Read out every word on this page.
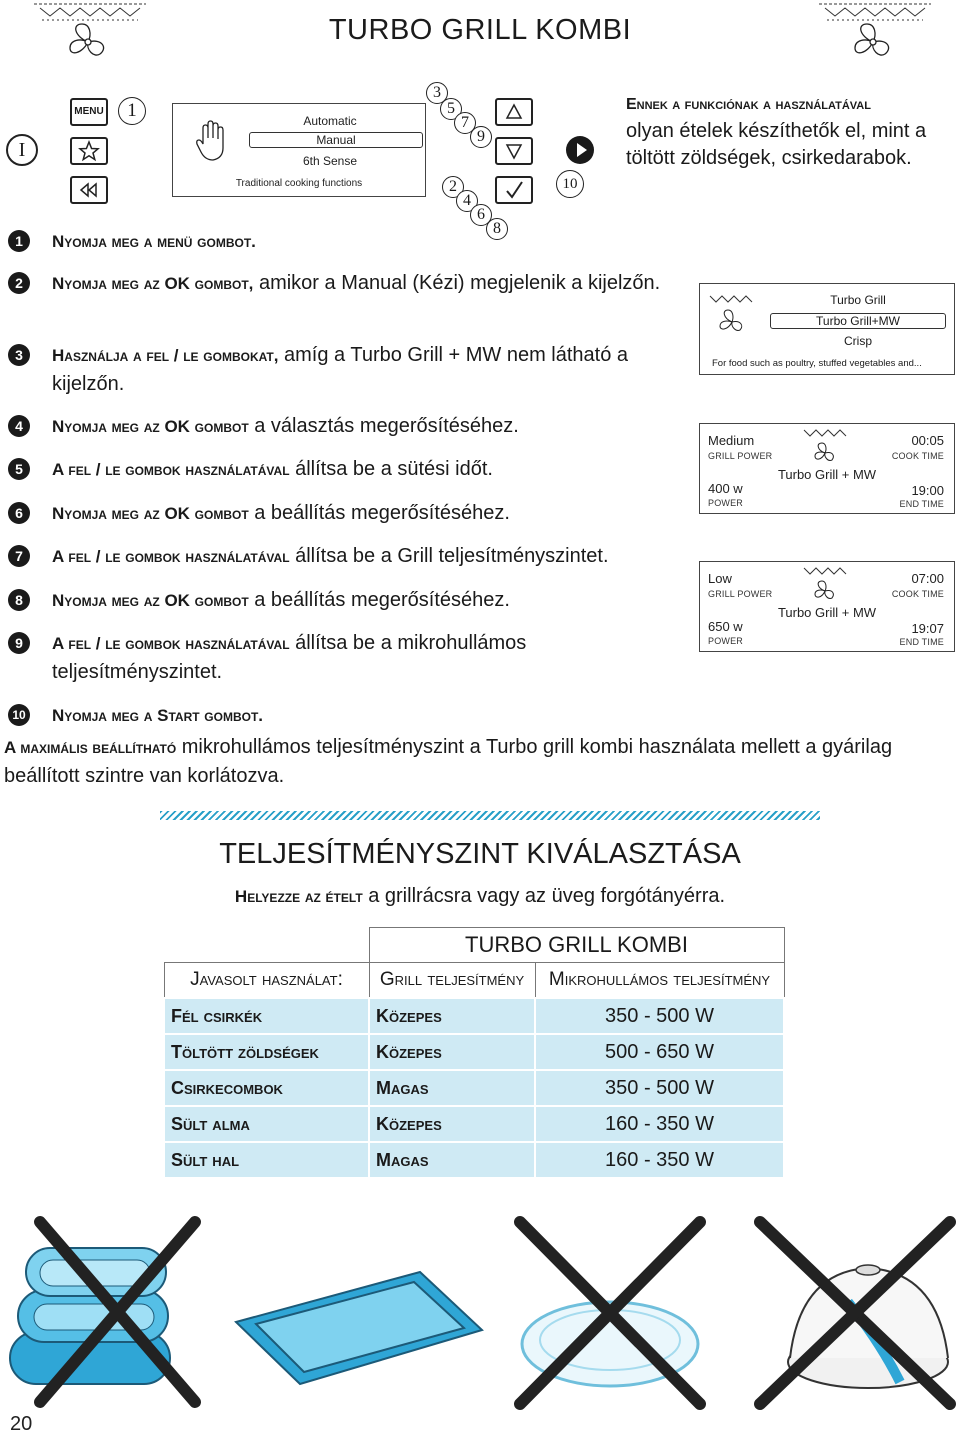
TURBO GRILL KOMBI
I
MENU	1	Automatic
Manual
6th Sense
Traditional cooking functions
3
5
7
9
2
4
6
8
10
Ennek a funkciónak a használatával
olyan ételek készíthetők el, mint a töltött zöldségek, csirkedarabok.
1	Nyomja meg a menü gombot.
2	Nyomja meg az OK gombot, amikor a Manual (Kézi) megjelenik a kijelzőn.
3	Használja a fel / le gombokat, amíg a Turbo Grill + MW nem látható a kijelzőn.
4	Nyomja meg az OK gombot a választás megerősítéséhez.
5	A fel / le gombok használatával állítsa be a sütési időt.
6	Nyomja meg az OK gombot a beállítás megerősítéséhez.
7	A fel / le gombok használatával állítsa be a Grill teljesítményszintet.
8	Nyomja meg az OK gombot a beállítás megerősítéséhez.
9	A fel / le gombok használatával állítsa be a mikrohullámos teljesítményszintet.
10 Nyomja meg a Start gombot.
A maximális beállítható mikrohullámos teljesítményszint a Turbo grill kombi használata mellett a gyárilag beállított szintre van korlátozva.
Turbo Grill
Turbo Grill+MW
Crisp
For food such as poultry, stuffed vegetables and...
Medium
GRILL POWER
400 w
POWER
Turbo Grill + MW
00:05
COOK TIME
19:00
END TIME
Low
GRILL POWER
650 w
POWER
Turbo Grill + MW
07:00
COOK TIME
19:07
END TIME
TELJESÍTMÉNYSZINT KIVÁLASZTÁSA
Helyezze az ételt a grillrácsra vagy az üveg forgótányérra.
	TURBO GRILL KOMBI	
Javasolt használat:	Grill teljesítmény	Mikrohullámos teljesítmény
Fél csirkék	Közepes	350 - 500 W
Töltött zöldségek	Közepes	500 - 650 W
Csirkecombok	Magas	350 - 500 W
Sült alma	Közepes	160 - 350 W
Sült hal	Magas	160 - 350 W
20
